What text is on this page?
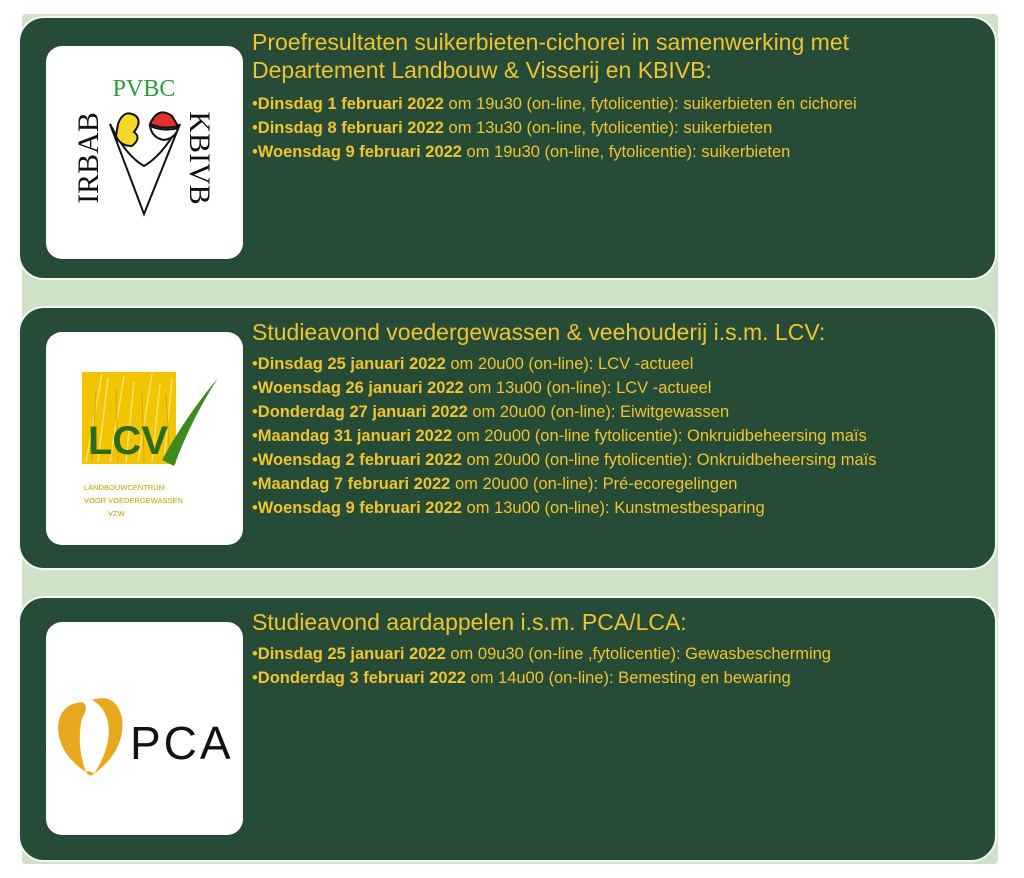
PVBC
IRBAB	KBIVB
Proefresultaten suikerbieten-cichorei in samenwerking met
Departement Landbouw & Visserij en KBIVB:
•Dinsdag 1 februari 2022 om 19u30 (on-line, fytolicentie): suikerbieten én cichorei
•Dinsdag 8 februari 2022 om 13u30 (on-line, fytolicentie): suikerbieten
•Woensdag 9 februari 2022 om 19u30 (on-line, fytolicentie): suikerbieten
LCV
LANDBOUWCENTRUM
VOOR VOEDERGEWASSEN
VZW
Studieavond voedergewassen & veehouderij i.s.m. LCV:
•Dinsdag 25 januari 2022 om 20u00 (on-line): LCV -actueel
•Woensdag 26 januari 2022 om 13u00 (on-line): LCV -actueel
•Donderdag 27 januari 2022 om 20u00 (on-line): Eiwitgewassen
•Maandag 31 januari 2022 om 20u00 (on-line fytolicentie): Onkruidbeheersing maïs
•Woensdag 2 februari 2022 om 20u00 (on-line fytolicentie): Onkruidbeheersing maïs
•Maandag 7 februari 2022 om 20u00 (on-line): Pré-ecoregelingen
•Woensdag 9 februari 2022 om 13u00 (on-line): Kunstmestbesparing
PCA
Studieavond aardappelen i.s.m. PCA/LCA:
•Dinsdag 25 januari 2022 om 09u30 (on-line ,fytolicentie): Gewasbescherming
•Donderdag 3 februari 2022 om 14u00 (on-line): Bemesting en bewaring
